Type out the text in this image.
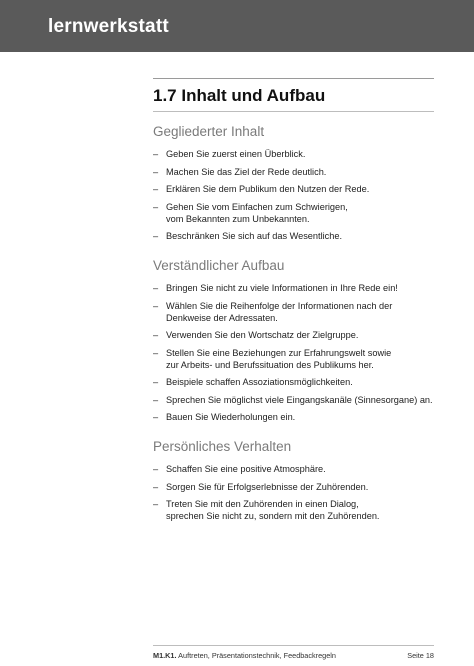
lernwerkstatt
1.7 Inhalt und Aufbau
Gegliederter Inhalt
– Geben Sie zuerst einen Überblick.
– Machen Sie das Ziel der Rede deutlich.
– Erklären Sie dem Publikum den Nutzen der Rede.
– Gehen Sie vom Einfachen zum Schwierigen,
vom Bekannten zum Unbekannten.
– Beschränken Sie sich auf das Wesentliche.
Verständlicher Aufbau
– Bringen Sie nicht zu viele Informationen in Ihre Rede ein!
– Wählen Sie die Reihenfolge der Informationen nach der
Denkweise der Adressaten.
– Verwenden Sie den Wortschatz der Zielgruppe.
– Stellen Sie eine Beziehungen zur Erfahrungswelt sowie
zur Arbeits- und Berufssituation des Publikums her.
– Beispiele schaffen Assoziationsmöglichkeiten.
– Sprechen Sie möglichst viele Eingangskanäle (Sinnesorgane) an.
– Bauen Sie Wiederholungen ein.
Persönliches Verhalten
– Schaffen Sie eine positive Atmosphäre.
– Sorgen Sie für Erfolgserlebnisse der Zuhörenden.
– Treten Sie mit den Zuhörenden in einen Dialog,
sprechen Sie nicht zu, sondern mit den Zuhörenden.
M1.K1. Auftreten, Präsentationstechnik, Feedbackregeln	Seite 18
